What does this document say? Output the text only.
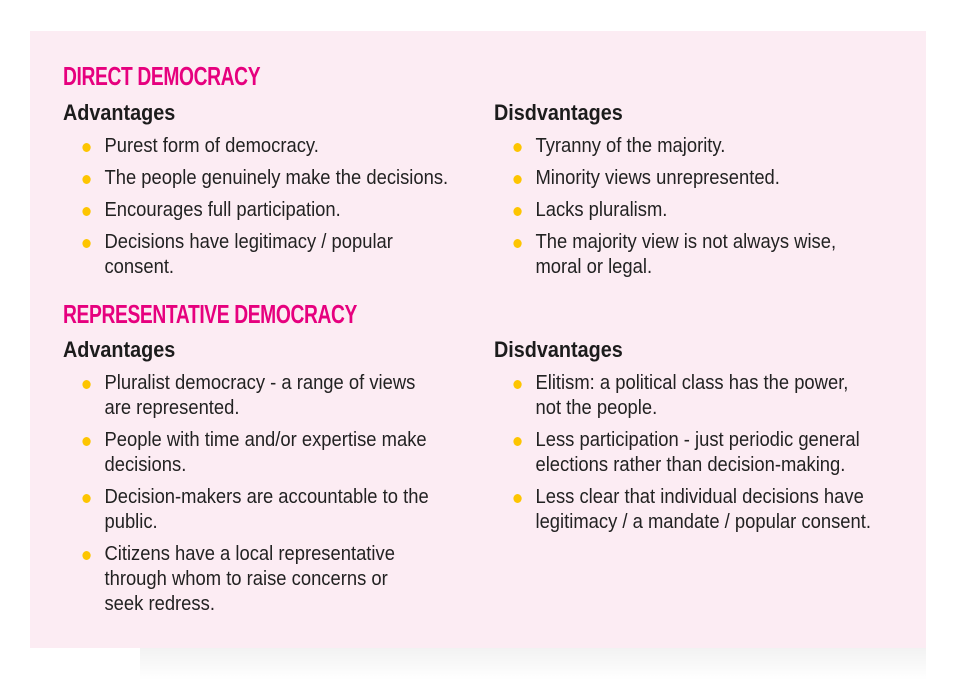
DIRECT DEMOCRACY
Advantages
Purest form of democracy.
The people genuinely make the decisions.
Encourages full participation.
Decisions have legitimacy / popular consent.
Disdvantages
Tyranny of the majority.
Minority views unrepresented.
Lacks pluralism.
The majority view is not always wise,
moral or legal.
REPRESENTATIVE DEMOCRACY
Advantages
Pluralist democracy - a range of views
are represented.
People with time and/or expertise make
decisions.
Decision-makers are accountable to the
public.
Citizens have a local representative
through whom to raise concerns or
seek redress.
Disdvantages
Elitism: a political class has the power,
not the people.
Less participation - just periodic general
elections rather than decision-making.
Less clear that individual decisions have
legitimacy / a mandate / popular consent.
